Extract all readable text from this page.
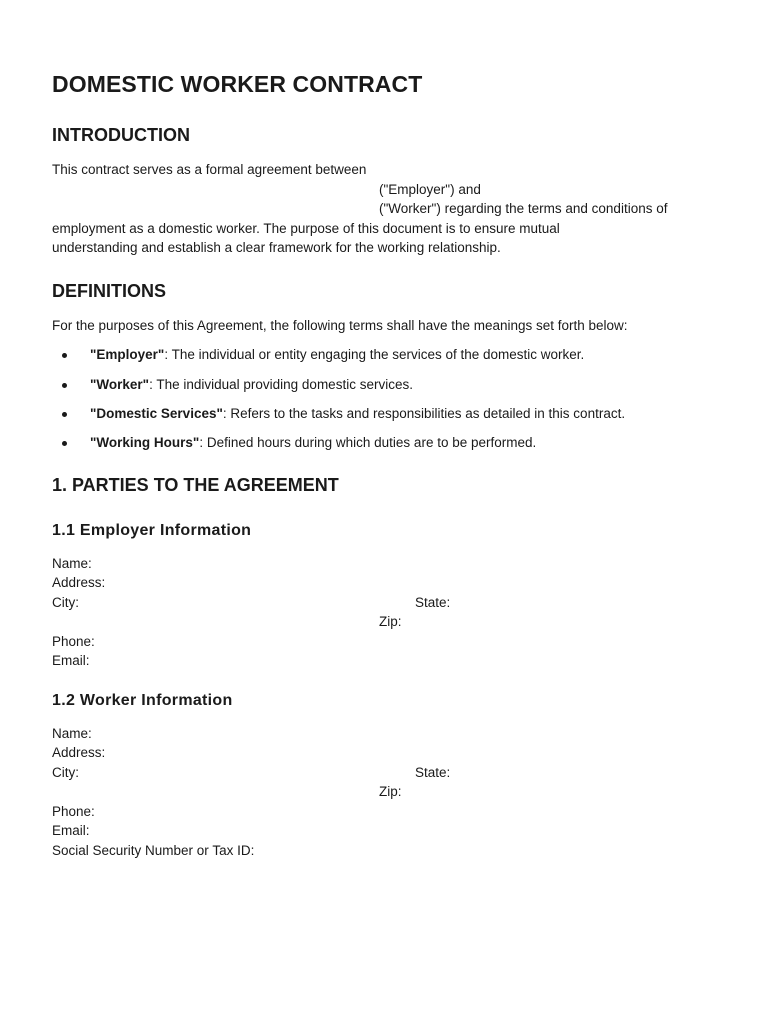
DOMESTIC WORKER CONTRACT
INTRODUCTION
This contract serves as a formal agreement between
("Employer") and
("Worker") regarding the terms and conditions of
employment as a domestic worker. The purpose of this document is to ensure mutual
understanding and establish a clear framework for the working relationship.
DEFINITIONS
For the purposes of this Agreement, the following terms shall have the meanings set forth below:
"Employer": The individual or entity engaging the services of the domestic worker.
"Worker": The individual providing domestic services.
"Domestic Services": Refers to the tasks and responsibilities as detailed in this contract.
"Working Hours": Defined hours during which duties are to be performed.
1. PARTIES TO THE AGREEMENT
1.1 Employer Information
Name:
Address:
City:	State:
Zip:
Phone:
Email:
1.2 Worker Information
Name:
Address:
City:	State:
Zip:
Phone:
Email:
Social Security Number or Tax ID:
